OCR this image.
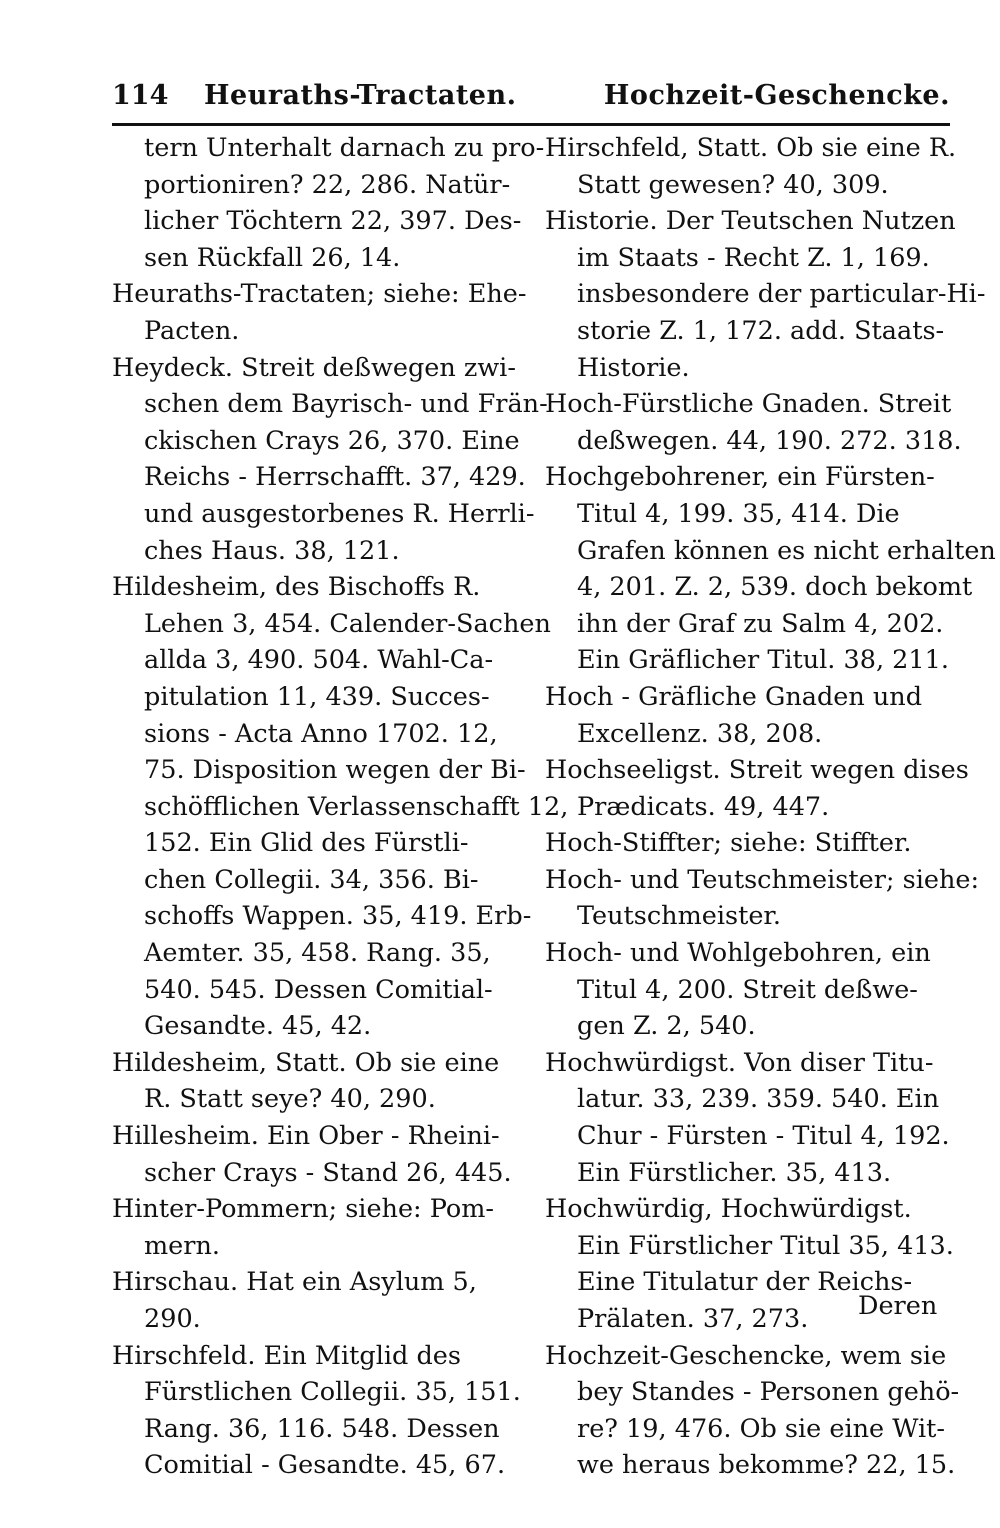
114 Heuraths-Tractaten.	Hochzeit-Geschencke.
tern Unterhalt darnach zu pro-
portioniren? 22, 286. Natür-
licher Töchtern 22, 397. Des-
sen Rückfall 26, 14.
Heuraths-Tractaten; siehe: Ehe-
Pacten.
Heydeck. Streit deßwegen zwi-
schen dem Bayrisch- und Frän-
ckischen Crays 26, 370. Eine
Reichs - Herrschafft. 37, 429.
und ausgestorbenes R. Herrli-
ches Haus. 38, 121.
Hildesheim, des Bischoffs R.
Lehen 3, 454. Calender-Sachen
allda 3, 490. 504. Wahl-Ca-
pitulation 11, 439. Succes-
sions - Acta Anno 1702. 12,
75. Disposition wegen der Bi-
schöfflichen Verlassenschafft 12,
152. Ein Glid des Fürstli-
chen Collegii. 34, 356. Bi-
schoffs Wappen. 35, 419. Erb-
Aemter. 35, 458. Rang. 35,
540. 545. Dessen Comitial-
Gesandte. 45, 42.
Hildesheim, Statt. Ob sie eine
R. Statt seye? 40, 290.
Hillesheim. Ein Ober - Rheini-
scher Crays - Stand 26, 445.
Hinter-Pommern; siehe: Pom-
mern.
Hirschau. Hat ein Asylum 5,
290.
Hirschfeld. Ein Mitglid des
Fürstlichen Collegii. 35, 151.
Rang. 36, 116. 548. Dessen
Comitial - Gesandte. 45, 67.
Hirschfeld, Statt. Ob sie eine R.
Statt gewesen? 40, 309.
Historie. Der Teutschen Nutzen
im Staats - Recht Z. 1, 169.
insbesondere der particular-Hi-
storie Z. 1, 172. add. Staats-
Historie.
Hoch-Fürstliche Gnaden. Streit
deßwegen. 44, 190. 272. 318.
Hochgebohrener, ein Fürsten-
Titul 4, 199. 35, 414. Die
Grafen können es nicht erhalten
4, 201. Z. 2, 539. doch bekomt
ihn der Graf zu Salm 4, 202.
Ein Gräflicher Titul. 38, 211.
Hoch - Gräfliche Gnaden und
Excellenz. 38, 208.
Hochseeligst. Streit wegen dises
Prædicats. 49, 447.
Hoch-Stiffter; siehe: Stiffter.
Hoch- und Teutschmeister; siehe:
Teutschmeister.
Hoch- und Wohlgebohren, ein
Titul 4, 200. Streit deßwe-
gen Z. 2, 540.
Hochwürdigst. Von diser Titu-
latur. 33, 239. 359. 540. Ein
Chur - Fürsten - Titul 4, 192.
Ein Fürstlicher. 35, 413.
Hochwürdig, Hochwürdigst.
Ein Fürstlicher Titul 35, 413.
Eine Titulatur der Reichs-
Prälaten. 37, 273.
Hochzeit-Geschencke, wem sie
bey Standes - Personen gehö-
re? 19, 476. Ob sie eine Wit-
we heraus bekomme? 22, 15.
Deren
